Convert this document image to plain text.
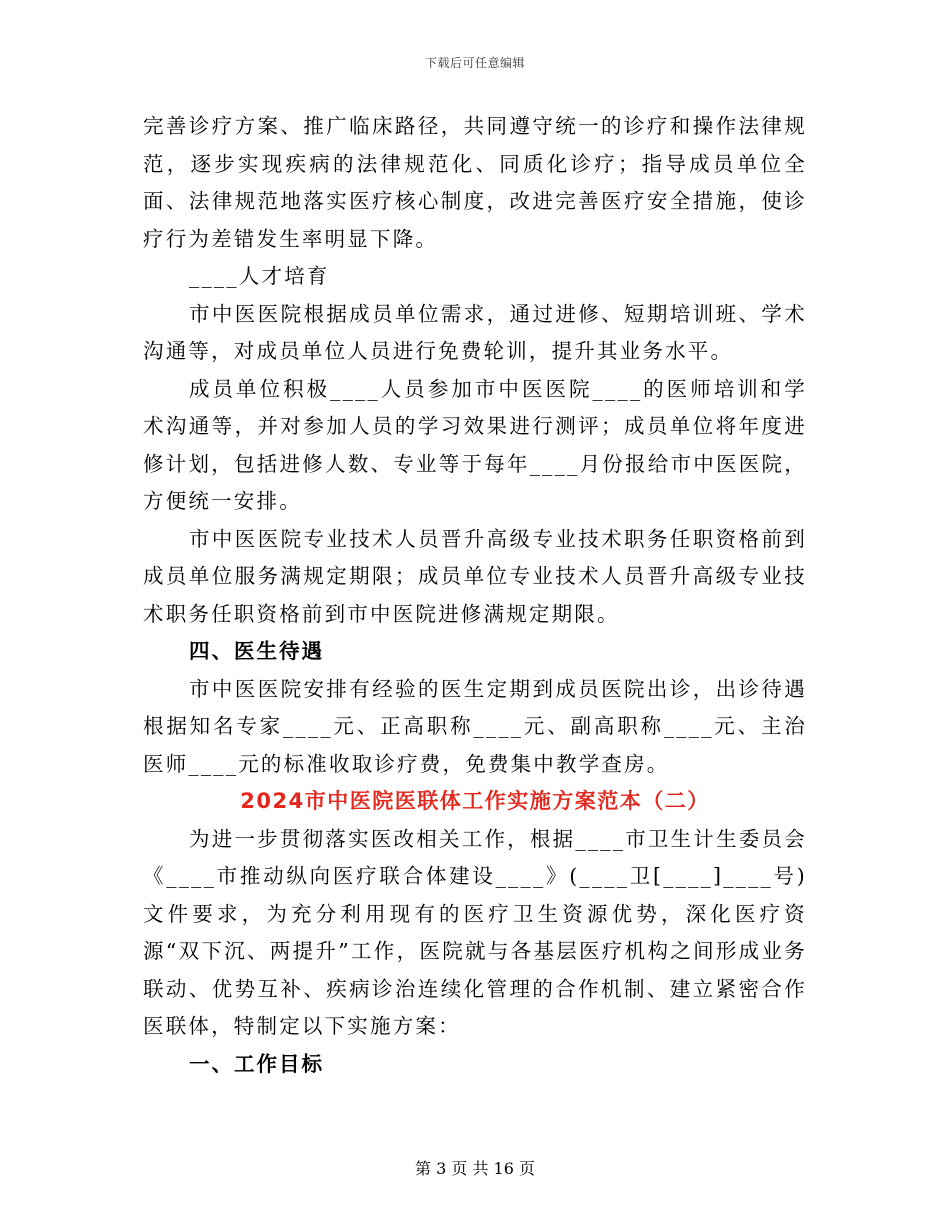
下载后可任意编辑

完善诊疗方案、推广临床路径，共同遵守统一的诊疗和操作法律规范，逐步实现疾病的法律规范化、同质化诊疗；指导成员单位全面、法律规范地落实医疗核心制度，改进完善医疗安全措施，使诊疗行为差错发生率明显下降。

____人才培育

市中医医院根据成员单位需求，通过进修、短期培训班、学术沟通等，对成员单位人员进行免费轮训，提升其业务水平。

成员单位积极____人员参加市中医医院____的医师培训和学术沟通等，并对参加人员的学习效果进行测评；成员单位将年度进修计划，包括进修人数、专业等于每年____月份报给市中医医院，方便统一安排。

市中医医院专业技术人员晋升高级专业技术职务任职资格前到成员单位服务满规定期限；成员单位专业技术人员晋升高级专业技术职务任职资格前到市中医院进修满规定期限。

四、医生待遇

市中医医院安排有经验的医生定期到成员医院出诊，出诊待遇根据知名专家____元、正高职称____元、副高职称____元、主治医师____元的标准收取诊疗费，免费集中教学查房。

2024市中医院医联体工作实施方案范本（二）

为进一步贯彻落实医改相关工作，根据____市卫生计生委员会《____市推动纵向医疗联合体建设____》(____卫[____]____号)文件要求，为充分利用现有的医疗卫生资源优势，深化医疗资源“双下沉、两提升”工作，医院就与各基层医疗机构之间形成业务联动、优势互补、疾病诊治连续化管理的合作机制、建立紧密合作医联体，特制定以下实施方案：

一、工作目标

第 3 页 共 16 页
